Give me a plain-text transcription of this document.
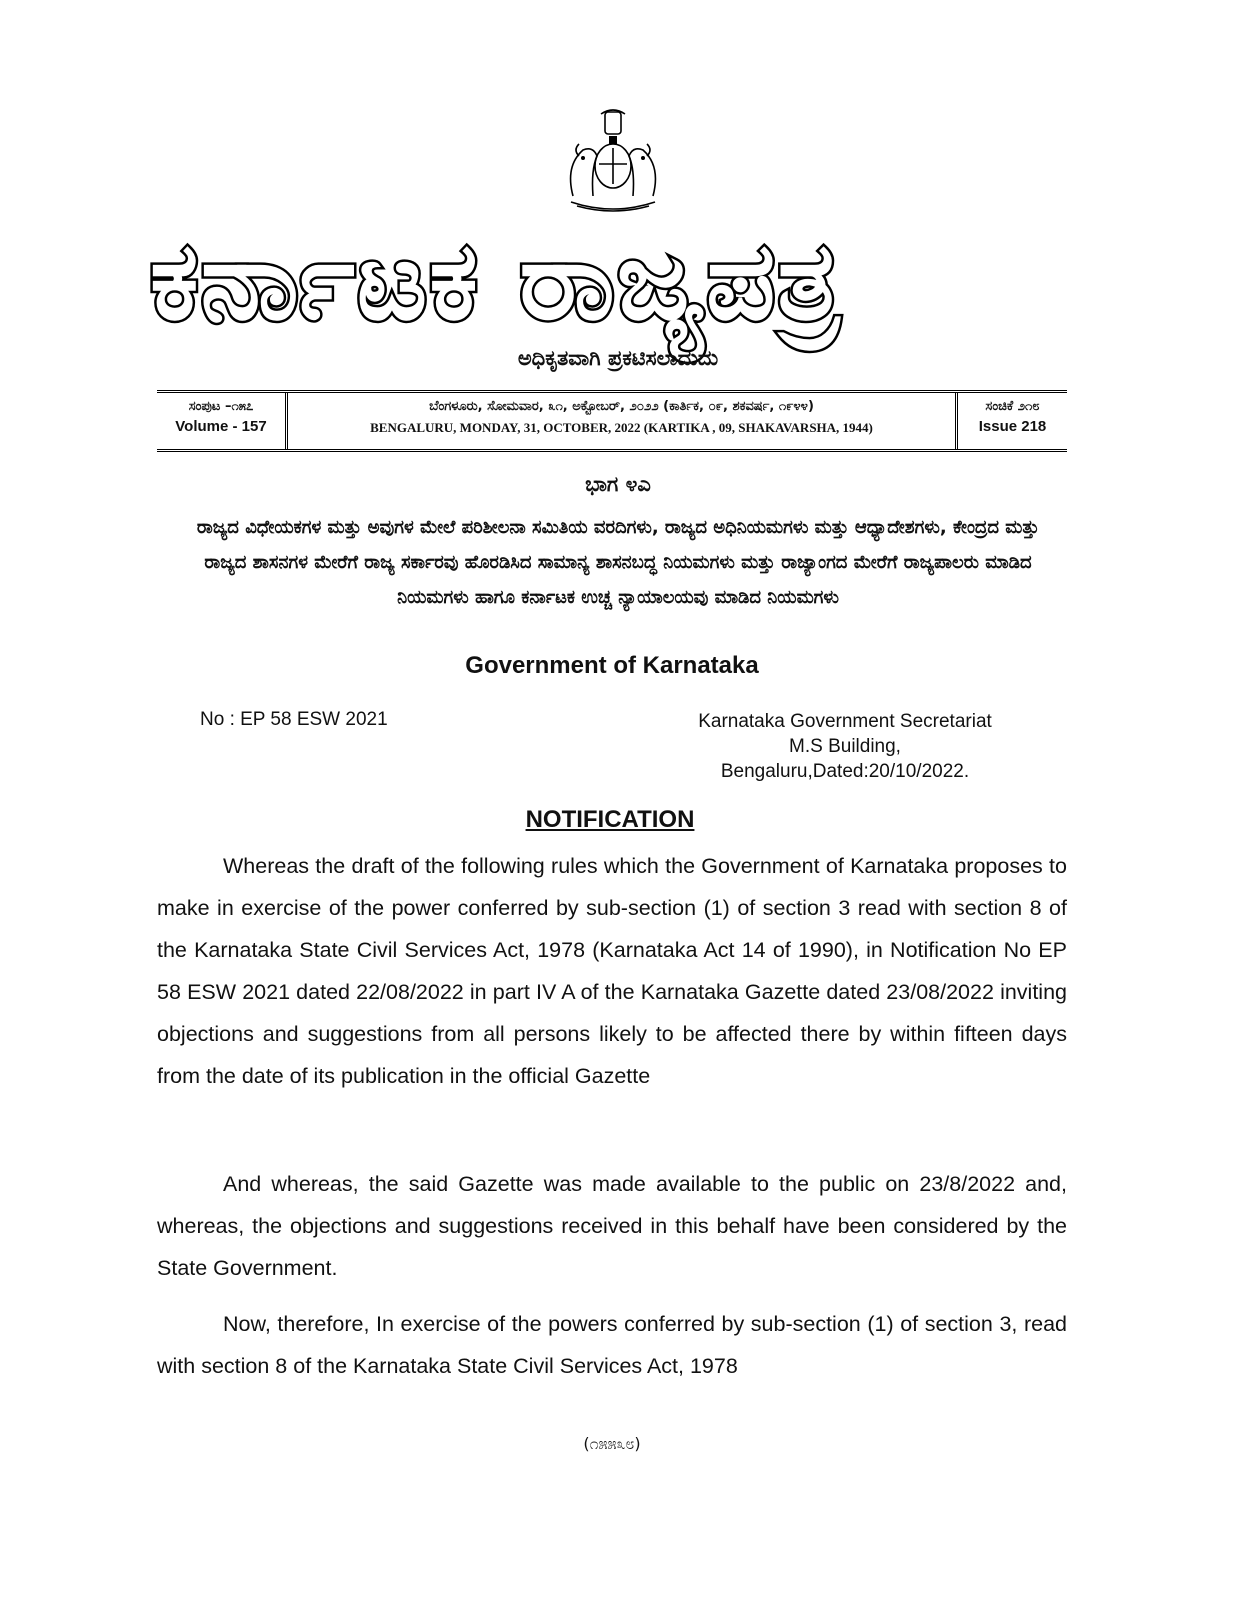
ಕರ್ನಾಟಕ ರಾಜ್ಯಪತ್ರ
ಅಧಿಕೃತವಾಗಿ ಪ್ರಕಟಿಸಲಾದುದು
ಸಂಪುಟ –೧೫೭
Volume - 157
ಬೆಂಗಳೂರು, ಸೋಮವಾರ, ೩೧, ಅಕ್ಟೋಬರ್, ೨೦೨೨ (ಕಾರ್ತಿಕ, ೦೯, ಶಕವರ್ಷ, ೧೯೪೪)
BENGALURU, MONDAY, 31, OCTOBER, 2022 (KARTIKA , 09, SHAKAVARSHA, 1944)
ಸಂಚಿಕೆ ೨೧೮
Issue 218
ಭಾಗ ೪ಎ
ರಾಜ್ಯದ ವಿಧೇಯಕಗಳ ಮತ್ತು ಅವುಗಳ ಮೇಲೆ ಪರಿಶೀಲನಾ ಸಮಿತಿಯ ವರದಿಗಳು, ರಾಜ್ಯದ ಅಧಿನಿಯಮಗಳು ಮತ್ತು ಆಧ್ಯಾದೇಶಗಳು, ಕೇಂದ್ರದ ಮತ್ತು ರಾಜ್ಯದ ಶಾಸನಗಳ ಮೇರೆಗೆ ರಾಜ್ಯ ಸರ್ಕಾರವು ಹೊರಡಿಸಿದ ಸಾಮಾನ್ಯ ಶಾಸನಬದ್ಧ ನಿಯಮಗಳು ಮತ್ತು ರಾಜ್ಯಾಂಗದ ಮೇರೆಗೆ ರಾಜ್ಯಪಾಲರು ಮಾಡಿದ ನಿಯಮಗಳು ಹಾಗೂ ಕರ್ನಾಟಕ ಉಚ್ಚ ನ್ಯಾಯಾಲಯವು ಮಾಡಿದ ನಿಯಮಗಳು
Government of Karnataka
No : EP 58 ESW 2021	Karnataka Government Secretariat
M.S Building,
Bengaluru,Dated:20/10/2022.
NOTIFICATION
Whereas the draft of the following rules which the Government of Karnataka proposes to make in exercise of the power conferred by sub-section (1) of section 3 read with section 8 of the Karnataka State Civil Services Act, 1978 (Karnataka Act 14 of 1990), in Notification No EP 58 ESW 2021 dated 22/08/2022 in part IV A of the Karnataka Gazette dated 23/08/2022 inviting objections and suggestions from all persons likely to be affected there by within fifteen days from the date of its publication in the official Gazette
And whereas, the said Gazette was made available to the public on 23/8/2022 and, whereas, the objections and suggestions received in this behalf have been considered by the State Government.
Now, therefore, In exercise of the powers conferred by sub-section (1) of section 3, read with section 8 of the Karnataka State Civil Services Act, 1978
(೧೫೫೩೮)
